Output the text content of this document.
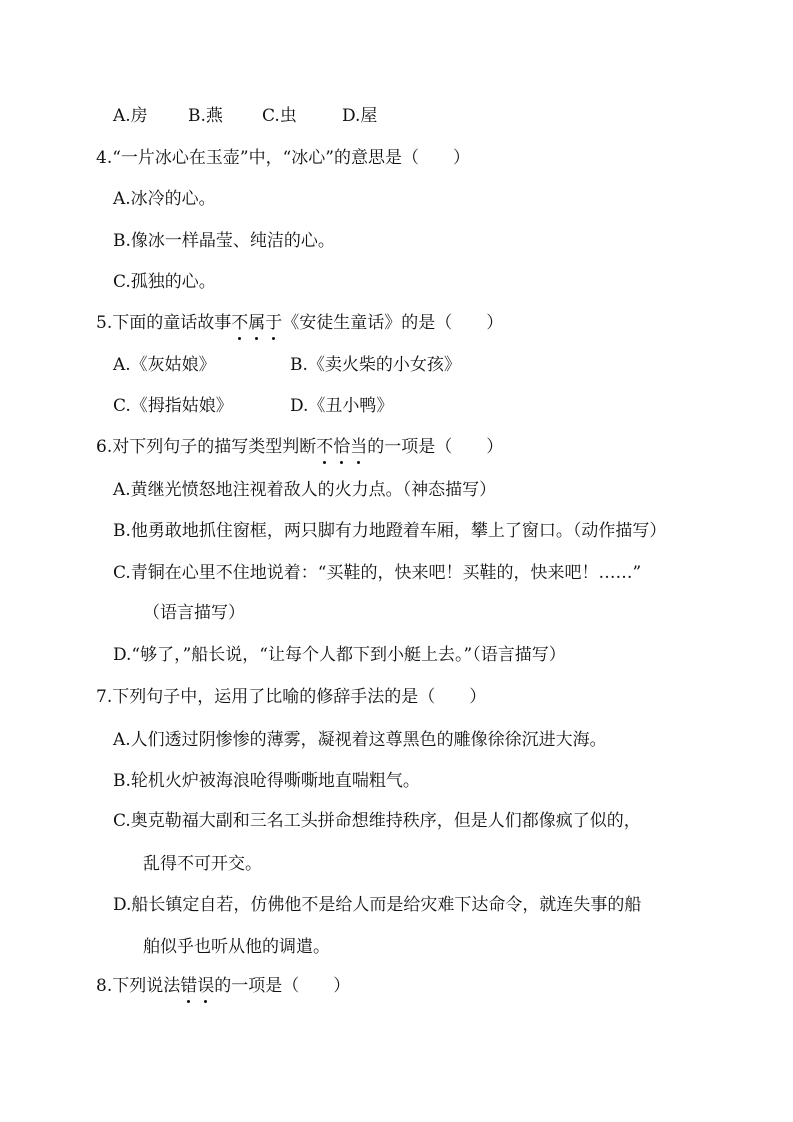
A.房 B.燕 C.虫	D.屋
4.“一片冰心在玉壶”中，“冰心”的意思是（　　）
A.冰冷的心。
B.像冰一样晶莹、纯洁的心。
C.孤独的心。
5.下面的童话故事不属于《安徒生童话》的是（　　）
A.《灰姑娘》	B.《卖火柴的小女孩》
C.《拇指姑娘》	D.《丑小鸭》
6.对下列句子的描写类型判断不恰当的一项是（　　）
A.黄继光愤怒地注视着敌人的火力点。（神态描写）
B.他勇敢地抓住窗框，两只脚有力地蹬着车厢，攀上了窗口。（动作描写）
C.青铜在心里不住地说着：“买鞋的，快来吧！买鞋的，快来吧！……”
（语言描写）
D.“够了，”船长说，“让每个人都下到小艇上去。”（语言描写）
7.下列句子中，运用了比喻的修辞手法的是（　　）
A.人们透过阴惨惨的薄雾，凝视着这尊黑色的雕像徐徐沉进大海。
B.轮机火炉被海浪呛得嘶嘶地直喘粗气。
C.奥克勒福大副和三名工头拼命想维持秩序，但是人们都像疯了似的，
乱得不可开交。
D.船长镇定自若，仿佛他不是给人而是给灾难下达命令，就连失事的船
舶似乎也听从他的调遣。
8.下列说法错误的一项是（　　）
